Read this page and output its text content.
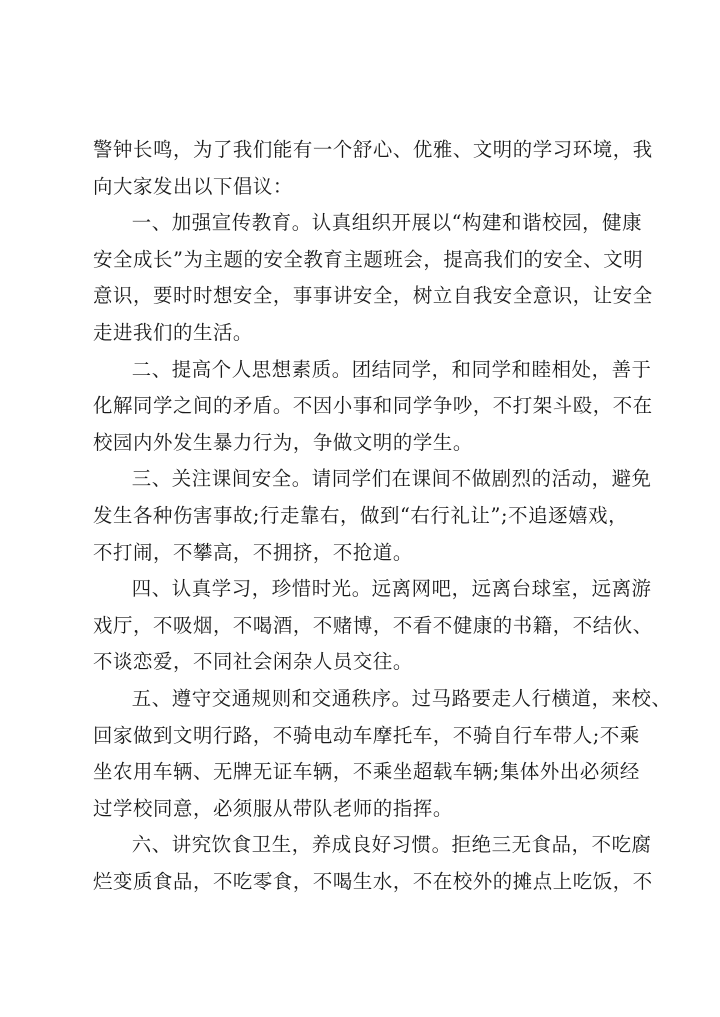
警钟长鸣，为了我们能有一个舒心、优雅、文明的学习环境，我
向大家发出以下倡议：

一、加强宣传教育。认真组织开展以“构建和谐校园，健康
安全成长”为主题的安全教育主题班会，提高我们的安全、文明
意识，要时时想安全，事事讲安全，树立自我安全意识，让安全
走进我们的生活。

二、提高个人思想素质。团结同学，和同学和睦相处，善于
化解同学之间的矛盾。不因小事和同学争吵，不打架斗殴，不在
校园内外发生暴力行为，争做文明的学生。

三、关注课间安全。请同学们在课间不做剧烈的活动，避免
发生各种伤害事故;行走靠右，做到“右行礼让”;不追逐嬉戏，
不打闹，不攀高，不拥挤，不抢道。

四、认真学习，珍惜时光。远离网吧，远离台球室，远离游
戏厅，不吸烟，不喝酒，不赌博，不看不健康的书籍，不结伙、
不谈恋爱，不同社会闲杂人员交往。

五、遵守交通规则和交通秩序。过马路要走人行横道，来校、
回家做到文明行路，不骑电动车摩托车，不骑自行车带人;不乘
坐农用车辆、无牌无证车辆，不乘坐超载车辆;集体外出必须经
过学校同意，必须服从带队老师的指挥。

六、讲究饮食卫生，养成良好习惯。拒绝三无食品，不吃腐
烂变质食品，不吃零食，不喝生水，不在校外的摊点上吃饭，不
